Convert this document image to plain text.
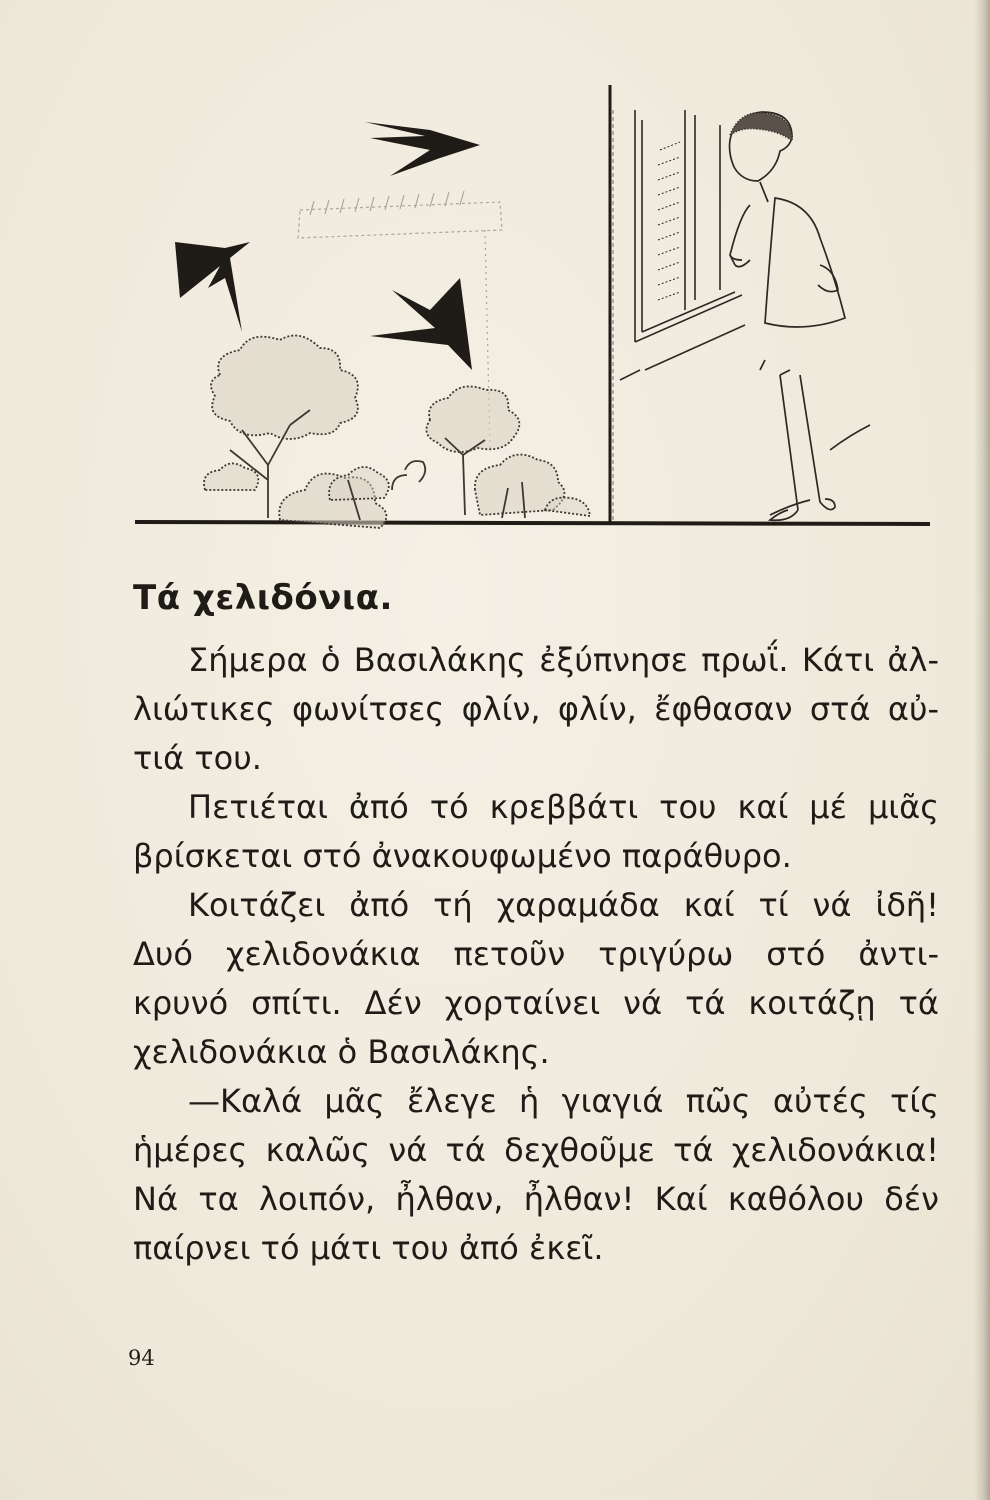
Τά χελιδόνια.
Σήμερα ὁ Βασιλάκης ἐξύπνησε πρωΐ. Κάτι ἀλ-
λιώτικες φωνίτσες φλίν, φλίν, ἔφθασαν στά αὐ-
τιά του.
Πετιέται ἀπό τό κρεββάτι του καί μέ μιᾶς
βρίσκεται στό ἀνακουφωμένο παράθυρο.
Κοιτάζει ἀπό τή χαραμάδα καί τί νά ἰδῆ!
Δυό χελιδονάκια πετοῦν τριγύρω στό ἀντι-
κρυνό σπίτι. Δέν χορταίνει νά τά κοιτάζῃ τά
χελιδονάκια ὁ Βασιλάκης.
—Καλά μᾶς ἔλεγε ἡ γιαγιά πῶς αὐτές τίς
ἡμέρες καλῶς νά τά δεχθοῦμε τά χελιδονάκια!
Νά τα λοιπόν, ἦλθαν, ἦλθαν! Καί καθόλου δέν
παίρνει τό μάτι του ἀπό ἐκεῖ.
94
